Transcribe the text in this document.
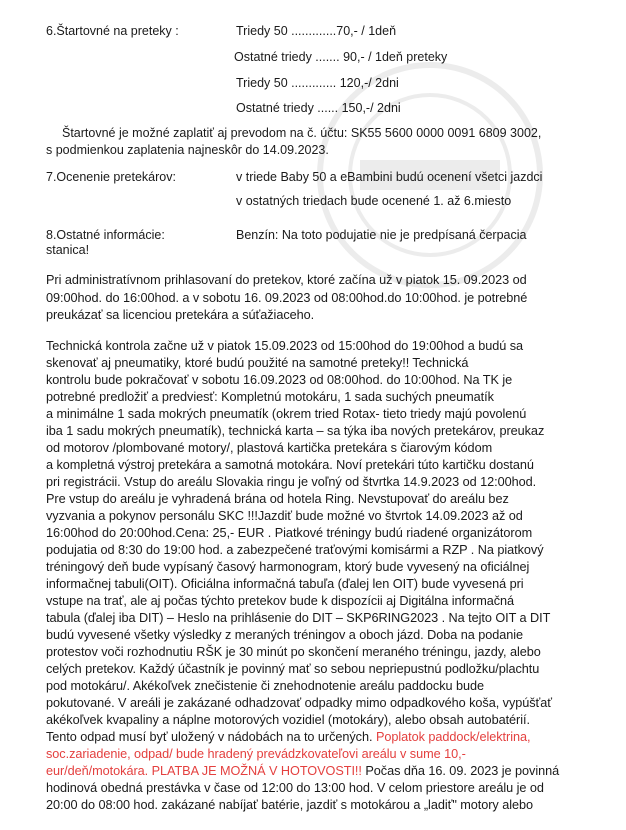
6.Štartovné na preteky :	Triedy 50 .............70,- / 1deň
Ostatné triedy ....... 90,- / 1deň preteky
Triedy 50 ............. 120,-/ 2dni
Ostatné triedy ...... 150,-/ 2dni
Štartovné je možné zaplatiť aj prevodom na č. účtu: SK55 5600 0000 0091 6809 3002,
s podmienkou zaplatenia najneskôr do 14.09.2023.
7.Ocenenie pretekárov:	v triede Baby 50 a eBambini budú ocenení všetci jazdci
v ostatných triedach bude ocenené 1. až 6.miesto
8.Ostatné informácie:	Benzín: Na toto podujatie nie je predpísaná čerpacia
stanica!
Pri administratívnom prihlasovaní do pretekov, ktoré začína už v piatok 15. 09.2023 od
09:00hod. do 16:00hod. a v sobotu 16. 09.2023 od 08:00hod.do 10:00hod. je potrebné
preukázať sa licenciou pretekára a súťažiaceho.
Technická kontrola začne už v piatok 15.09.2023 od 15:00hod do 19:00hod a budú sa
skenovať aj pneumatiky, ktoré budú použité na samotné preteky!! Technická
kontrolu bude pokračovať v sobotu 16.09.2023 od 08:00hod. do 10:00hod. Na TK je
potrebné predložiť a predviesť: Kompletnú motokáru, 1 sada suchých pneumatík
a minimálne 1 sada mokrých pneumatík (okrem tried Rotax- tieto triedy majú povolenú
iba 1 sadu mokrých pneumatík), technická karta – sa týka iba nových pretekárov, preukaz
od motorov /plombované motory/, plastová kartička pretekára s čiarovým kódom
a kompletná výstroj pretekára a samotná motokára. Noví pretekári túto kartičku dostanú
pri registrácii. Vstup do areálu Slovakia ringu je voľný od štvrtka 14.9.2023 od 12:00hod.
Pre vstup do areálu je vyhradená brána od hotela Ring. Nevstupovať do areálu bez
vyzvania a pokynov personálu SKC !!!Jazdiť bude možné vo štvrtok 14.09.2023 až od
16:00hod do 20:00hod.Cena: 25,- EUR . Piatkové tréningy budú riadené organizátorom
podujatia od 8:30 do 19:00 hod. a zabezpečené traťovými komisármi a RZP . Na piatkový
tréningový deň bude vypísaný časový harmonogram, ktorý bude vyvesený na oficiálnej
informačnej tabuli(OIT). Oficiálna informačná tabuľa (ďalej len OIT) bude vyvesená pri
vstupe na trať, ale aj počas týchto pretekov bude k dispozícii aj Digitálna informačná
tabula (ďalej iba DIT) – Heslo na prihlásenie do DIT – SKP6RING2023 . Na tejto OIT a DIT
budú vyvesené všetky výsledky z meraných tréningov a oboch jázd. Doba na podanie
protestov voči rozhodnutiu RŠK je 30 minút po skončení meraného tréningu, jazdy, alebo
celých pretekov. Každý účastník je povinný mať so sebou nepriepustnú podložku/plachtu
pod motokáru/. Akékoľvek znečistenie či znehodnotenie areálu paddocku bude
pokutované. V areáli je zakázané odhadzovať odpadky mimo odpadkového koša, vypúšťať
akékoľvek kvapaliny a náplne motorových vozidiel (motokáry), alebo obsah autobatérií.
Tento odpad musí byť uložený v nádobách na to určených. Poplatok paddock/elektrina,
soc.zariadenie, odpad/ bude hradený prevádzkovateľovi areálu v sume 10,-
eur/deň/motokára. PLATBA JE MOŽNÁ V HOTOVOSTI!! Počas dňa 16. 09. 2023 je povinná
hodinová obedná prestávka v čase od 12:00 do 13:00 hod. V celom priestore areálu je od
20:00 do 08:00 hod. zakázané nabíjať batérie, jazdiť s motokárou a „ladiť" motory alebo
